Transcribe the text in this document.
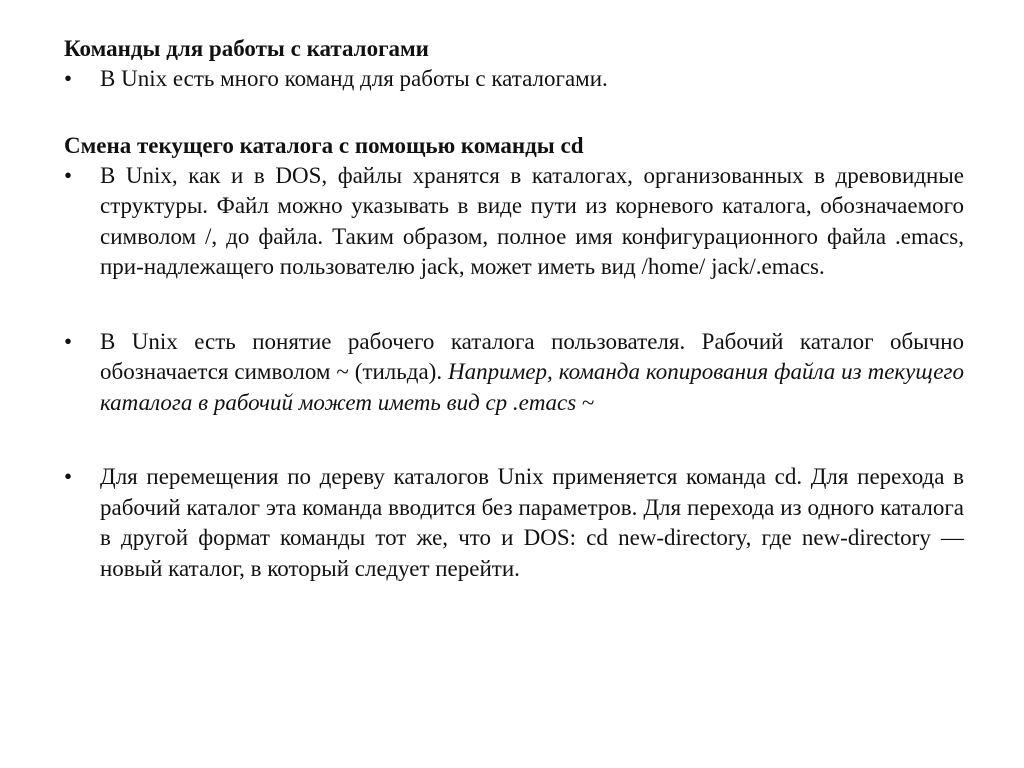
Команды для работы с каталогами
• В Unix есть много команд для работы с каталогами.
Смена текущего каталога с помощью команды cd
• В Unix, как и в DOS, файлы хранятся в каталогах, организованных в древовидные структуры. Файл можно указывать в виде пути из корневого каталога, обозначаемого символом /, до файла. Таким образом, полное имя конфигурационного файла .emacs, при-надлежащего пользователю jack, может иметь вид /home/ jack/.emacs.
• В Unix есть понятие рабочего каталога пользователя. Рабочий каталог обычно обозначается символом ~ (тильда). Например, команда копирования файла из текущего каталога в рабочий может иметь вид cp .emacs ~
• Для перемещения по дереву каталогов Unix применяется команда cd. Для перехода в рабочий каталог эта команда вводится без параметров. Для перехода из одного каталога в другой формат команды тот же, что и DOS: cd new-directory, где new-directory — новый каталог, в который следует перейти.
